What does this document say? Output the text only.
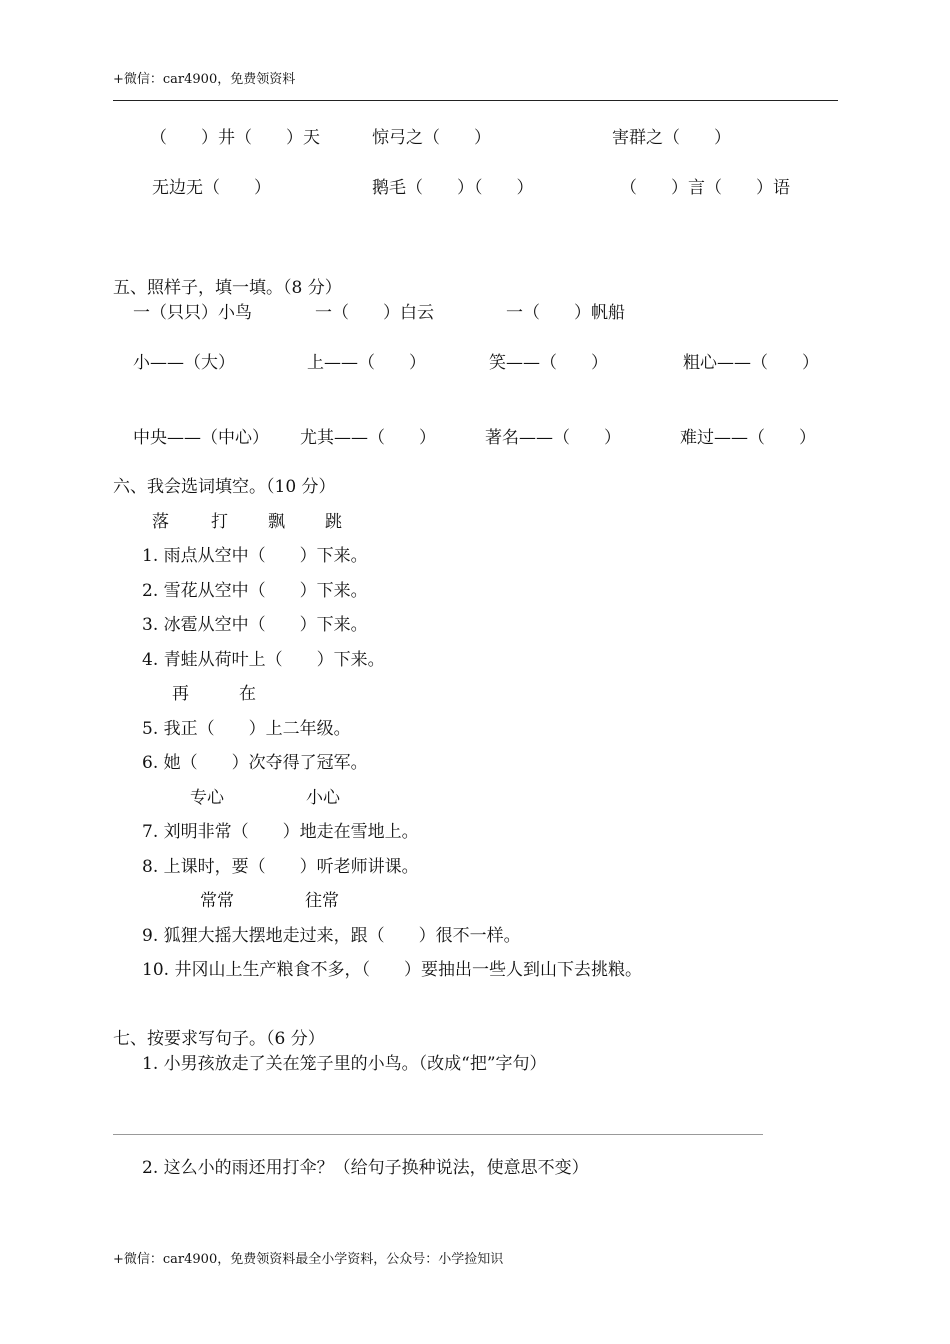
+微信：car4900，免费领资料
（　　）井（　　）天	惊弓之（　　）	害群之（　　）
无边无（　　）	鹅毛（　　）（　　）	（　　）言（　　）语
五、照样子，填一填。（8 分）
一（只只）小鸟	一（　　）白云	一（　　）帆船
小——（大）	上——（　　）	笑——（　　）	粗心——（　　）
中央——（中心） 尤其——（　　）	著名——（　　）	难过——（　　）
六、我会选词填空。（10 分）
落 打 飘 跳
1. 雨点从空中（　　）下来。
2. 雪花从空中（　　）下来。
3. 冰雹从空中（　　）下来。
4. 青蛙从荷叶上（　　）下来。
再	在
5. 我正（　　）上二年级。
6. 她（　　）次夺得了冠军。
专心	小心
7. 刘明非常（　　）地走在雪地上。
8. 上课时，要（　　）听老师讲课。
常常	往常
9. 狐狸大摇大摆地走过来，跟（　　）很不一样。
10. 井冈山上生产粮食不多，（　　）要抽出一些人到山下去挑粮。
七、按要求写句子。（6 分）
1. 小男孩放走了关在笼子里的小鸟。（改成“把”字句）
2. 这么小的雨还用打伞？（给句子换种说法，使意思不变）
+微信：car4900，免费领资料最全小学资料，公众号：小学捡知识
